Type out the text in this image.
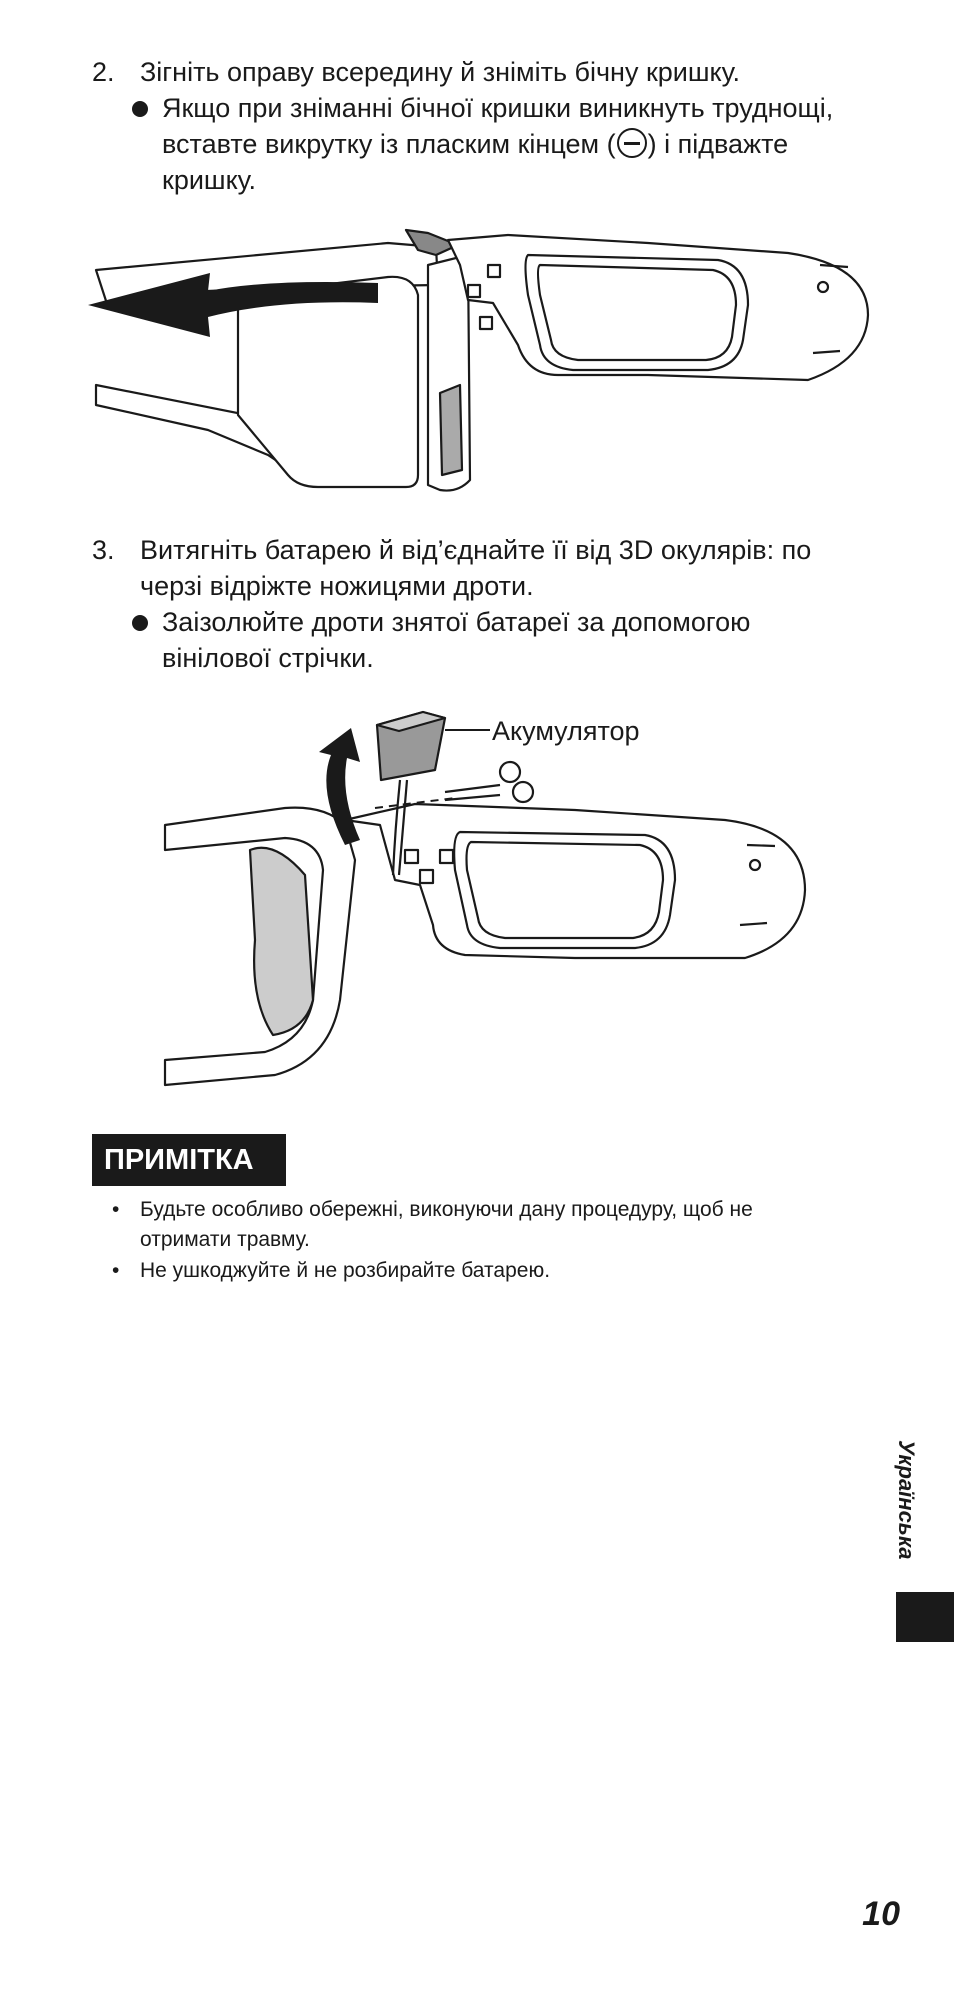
2. Зігніть оправу всередину й зніміть бічну кришку.
Якщо при зніманні бічної кришки виникнуть труднощі,
вставте викрутку із пласким кінцем ( ) і підважте
кришку.
3. Витягніть батарею й від’єднайте її від 3D окулярів: по
черзі відріжте ножицями дроти.
Заізолюйте дроти знятої батареї за допомогою
вінілової стрічки.
Акумулятор
ПРИМІТКА
• Будьте особливо обережні, виконуючи дану процедуру, щоб не
отримати травму.
• Не ушкоджуйте й не розбирайте батарею.
Українська
10
